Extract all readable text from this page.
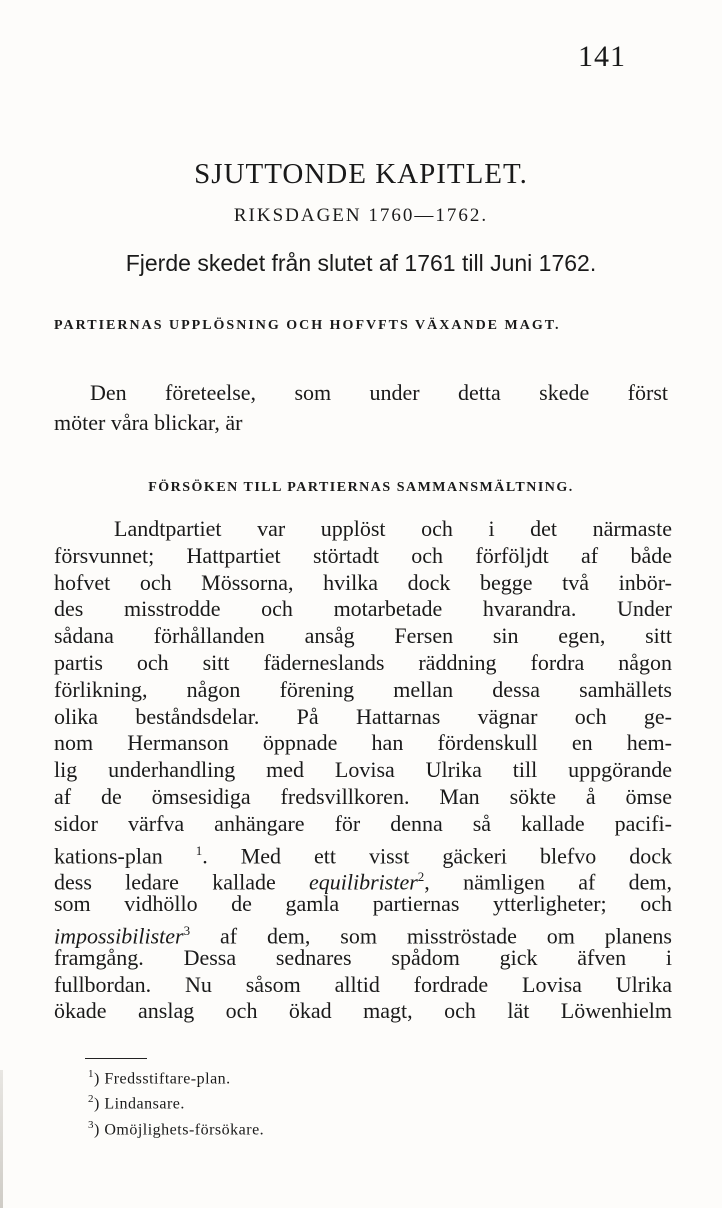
141
SJUTTONDE KAPITLET.
RIKSDAGEN 1760—1762.
Fjerde skedet från slutet af 1761 till Juni 1762.
PARTIERNAS UPPLÖSNING OCH HOFVFTS VÄXANDE MAGT.
Den företeelse, som under detta skede först
möter våra blickar, är
FÖRSÖKEN TILL PARTIERNAS SAMMANSMÄLTNING.
Landtpartiet var upplöst och i det närmaste
försvunnet; Hattpartiet störtadt och förföljdt af både
hofvet och Mössorna, hvilka dock begge två inbör-
des misstrodde och motarbetade hvarandra. Under
sådana förhållanden ansåg Fersen sin egen, sitt
partis och sitt fäderneslands räddning fordra någon
förlikning, någon förening mellan dessa samhällets
olika beståndsdelar. På Hattarnas vägnar och ge-
nom Hermanson öppnade han fördenskull en hem-
lig underhandling med Lovisa Ulrika till uppgörande
af de ömsesidiga fredsvillkoren. Man sökte å ömse
sidor värfva anhängare för denna så kallade pacifi-
kations-plan $^1$. Med ett visst gäckeri blefvo dock
dess ledare kallade equilibrister$^2$, nämligen af dem,
som vidhöllo de gamla partiernas ytterligheter; och
impossibilister$^3$ af dem, som misströstade om planens
framgång. Dessa sednares spådom gick äfven i
fullbordan. Nu såsom alltid fordrade Lovisa Ulrika
ökade anslag och ökad magt, och lät Löwenhielm
$^1$) Fredsstiftare-plan.
$^2$) Lindansare.
$^3$) Omöjlighets-försökare.
